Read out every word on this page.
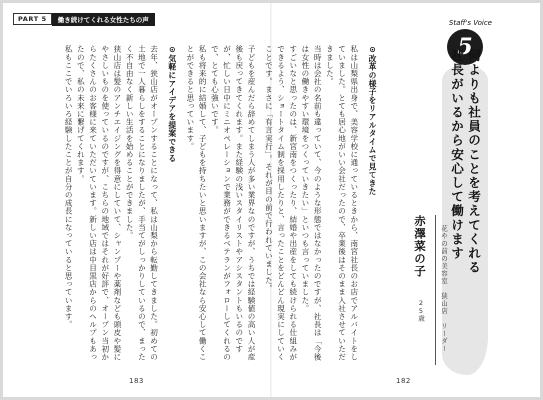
PART 5	働き続けてくれる女性たちの声

子どもを産んだら辞めてしまう人が多い業界なのですが、うちでは経験値の高い人が産後も戻ってきてくれます。また経験の浅いスタイリストやアシスタントもいるのですが、忙しい日中にミニオペレーションで業務ができるベテランがフォローしてくれるので、とても心強いです。

私も将来的に結婚して、子どもを持ちたいと思いますが、この会社なら安心して働くことができると思っています。

⊙気軽にアイデアを提案できる

去年、狭山店がオープンすることになって、私は山梨から転勤してきました。初めての土地で一人暮らしをすることになりましたが、手当てがしっかりしているので、まったく不自由なく新しい生活を始めることができました。

狭山店は髪のアンチエイジングを得意にしていて、シャンプーや薬剤なども頭皮や髪にやさしいものを使っているのですが、こちらの地域ではそれが好評で、オープン当初からたくさんのお客様に来ていただいています。新しい店は中目黒店からのヘルプもあったので、私の未来に繋げてくれます。

私もここでいろいろ経験したことが自分の成長になっていると思っています。

183
Staff's Voice
5

何よりも社員のことを考えてくれる

社長がいるから安心して働けます

赤澤菜の子
25歳 花やの前の美容室　狭山店　リーダー
⊙改革の様子をリアルタイムで見てきた

私は山梨県出身で、美容学校に通っているときから、南宮社長のお店でアルバイトをしていました。とても居心地がいい会社だったので、卒業後はそのまま入社させていただきました。

当時は会社の名前も違っていて、今のような形態ではなかったのですが、社長は「今後は女性の働きやすい環境をつくっていきたい」といつも言っていました。

すごいなと思ったのは、新宮南をつくったり、結婚や出産をしても続けられる仕組みができるよう、ショートタイム制を採用したりと、言ったことをどんどん現実にしていくことです。まさに「有言実行」。それが目の前で行われていました。

182
